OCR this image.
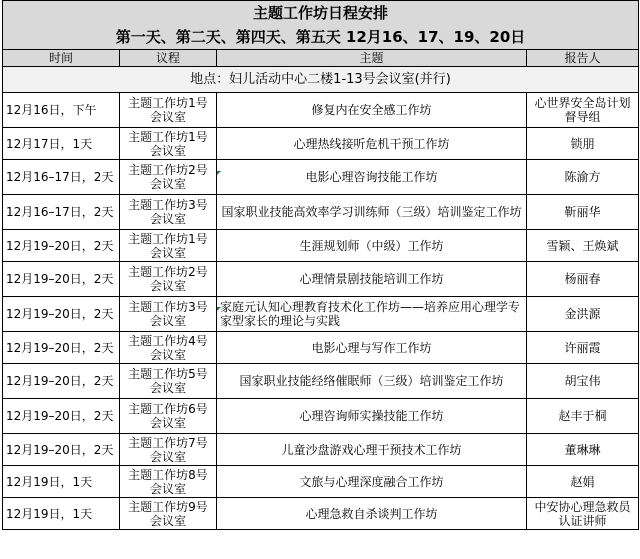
主题工作坊日程安排			
第一天、第二天、第四天、第五天 12月16、17、19、20日			
时间	议程	主题	报告人
地点：妇儿活动中心二楼1-13号会议室(并行)			
12月16日，下午	主题工作坊1号会议室	修复内在安全感工作坊	心世界安全岛计划督导组
12月17日，1天	主题工作坊1号会议室	心理热线接听危机干预工作坊	锁朋
12月16–17日，2天	主题工作坊2号会议室	电影心理咨询技能工作坊	陈渝方
12月16–17日，2天	主题工作坊3号会议室	国家职业技能高效率学习训练师（三级）培训鉴定工作坊	靳丽华
12月19–20日，2天	主题工作坊1号会议室	生涯规划师（中级）工作坊	雪颖、王焕斌
12月19–20日，2天	主题工作坊2号会议室	心理情景剧技能培训工作坊	杨丽春
12月19–20日，2天	主题工作坊3号会议室	家庭元认知心理教育技术化工作坊——培养应用心理学专家型家长的理论与实践	金洪源
12月19–20日，2天	主题工作坊4号会议室	电影心理与写作工作坊	许丽霞
12月19–20日，2天	主题工作坊5号会议室	国家职业技能经络催眠师（三级）培训鉴定工作坊	胡宝伟
12月19–20日，2天	主题工作坊6号会议室	心理咨询师实操技能工作坊	赵丰于桐
12月19–20日，2天	主题工作坊7号会议室	儿童沙盘游戏心理干预技术工作坊	董琳琳
12月19日，1天	主题工作坊8号会议室	文旅与心理深度融合工作坊	赵娟
12月19日，1天	主题工作坊9号会议室	心理急救自杀谈判工作坊	中安协心理急救员认证讲师
